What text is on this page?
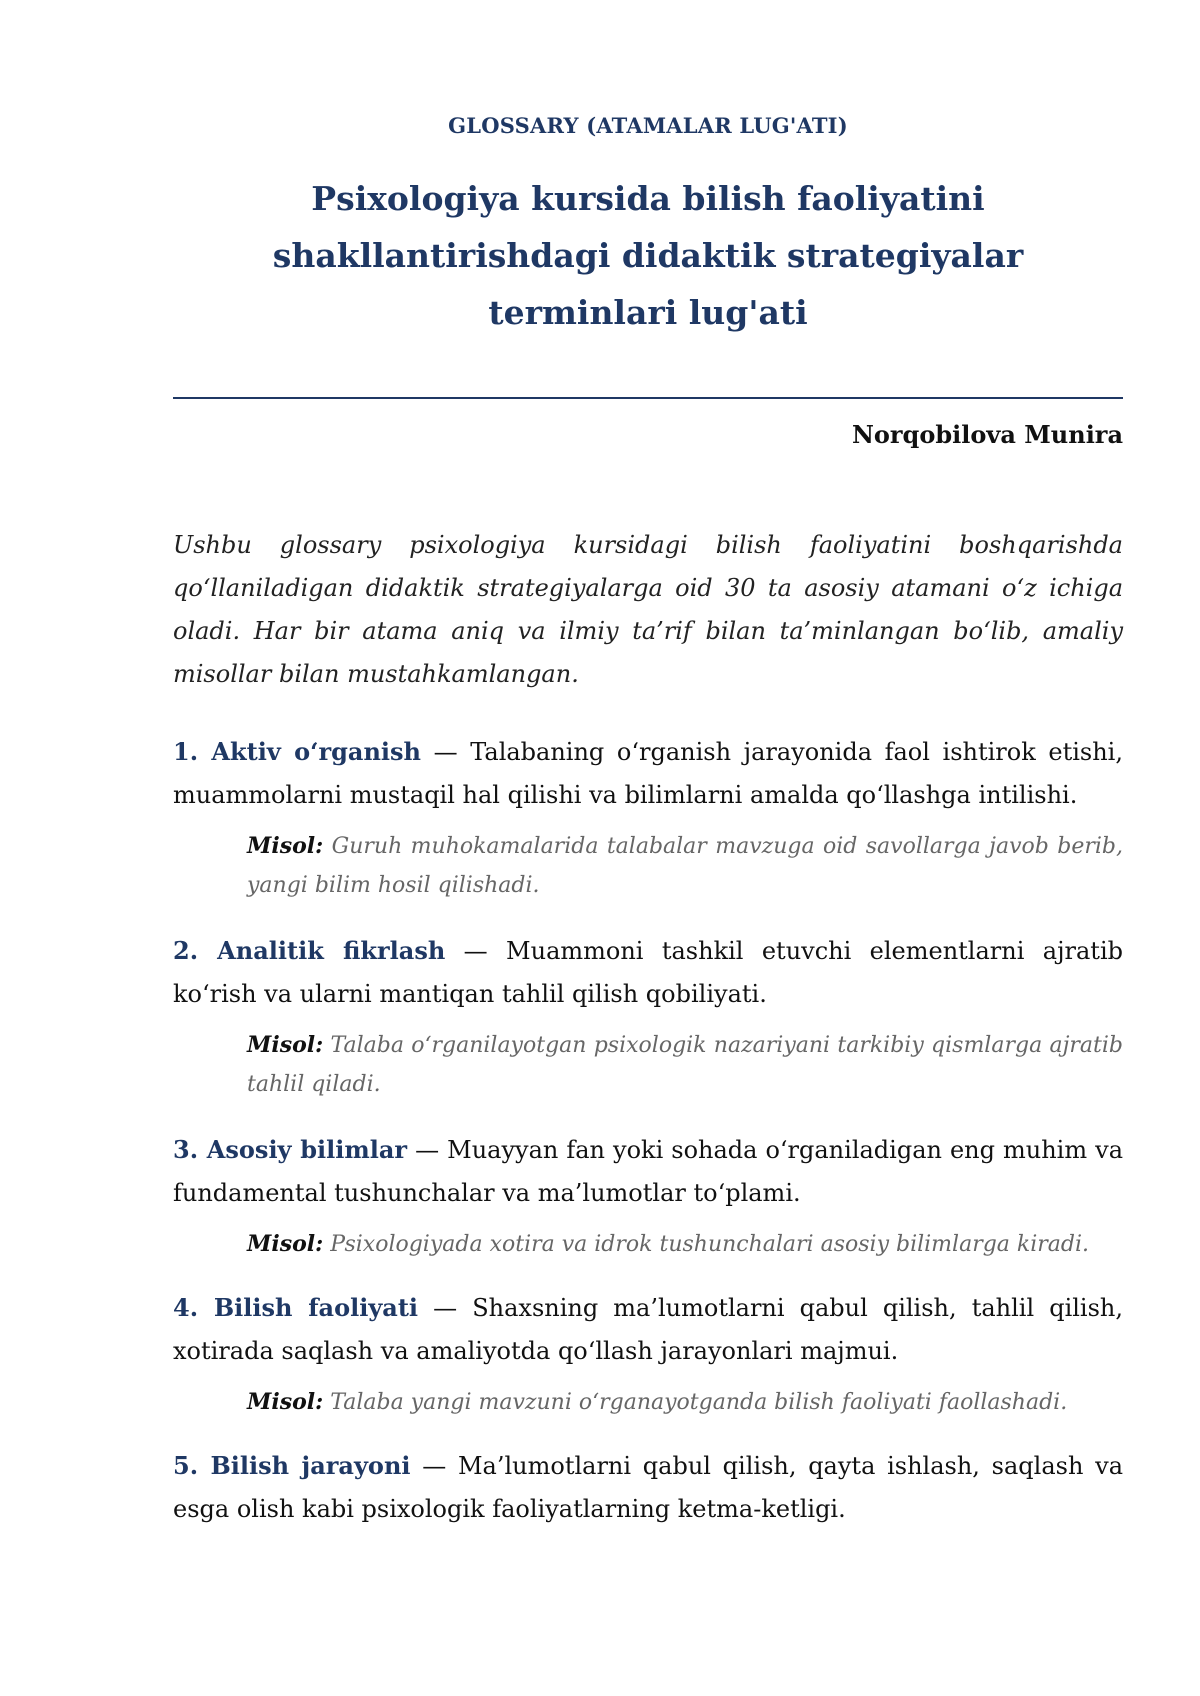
GLOSSARY (ATAMALAR LUG'ATI)
Psixologiya kursida bilish faoliyatini shakllantirishdagi didaktik strategiyalar terminlari lug'ati
Norqobilova Munira

Ushbu glossary psixologiya kursidagi bilish faoliyatini boshqarishda qo‘llaniladigan didaktik strategiyalarga oid 30 ta asosiy atamani o‘z ichiga oladi. Har bir atama aniq va ilmiy ta’rif bilan ta’minlangan bo‘lib, amaliy misollar bilan mustahkamlangan.

1. Aktiv o‘rganish — Talabaning o‘rganish jarayonida faol ishtirok etishi, muammolarni mustaqil hal qilishi va bilimlarni amalda qo‘llashga intilishi.

Misol: Guruh muhokamalarida talabalar mavzuga oid savollarga javob berib, yangi bilim hosil qilishadi.

2. Analitik fikrlash — Muammoni tashkil etuvchi elementlarni ajratib ko‘rish va ularni mantiqan tahlil qilish qobiliyati.

Misol: Talaba o‘rganilayotgan psixologik nazariyani tarkibiy qismlarga ajratib tahlil qiladi.

3. Asosiy bilimlar — Muayyan fan yoki sohada o‘rganiladigan eng muhim va fundamental tushunchalar va ma’lumotlar to‘plami.

Misol: Psixologiyada xotira va idrok tushunchalari asosiy bilimlarga kiradi.

4. Bilish faoliyati — Shaxsning ma’lumotlarni qabul qilish, tahlil qilish, xotirada saqlash va amaliyotda qo‘llash jarayonlari majmui.

Misol: Talaba yangi mavzuni o‘rganayotganda bilish faoliyati faollashadi.

5. Bilish jarayoni — Ma’lumotlarni qabul qilish, qayta ishlash, saqlash va esga olish kabi psixologik faoliyatlarning ketma-ketligi.
